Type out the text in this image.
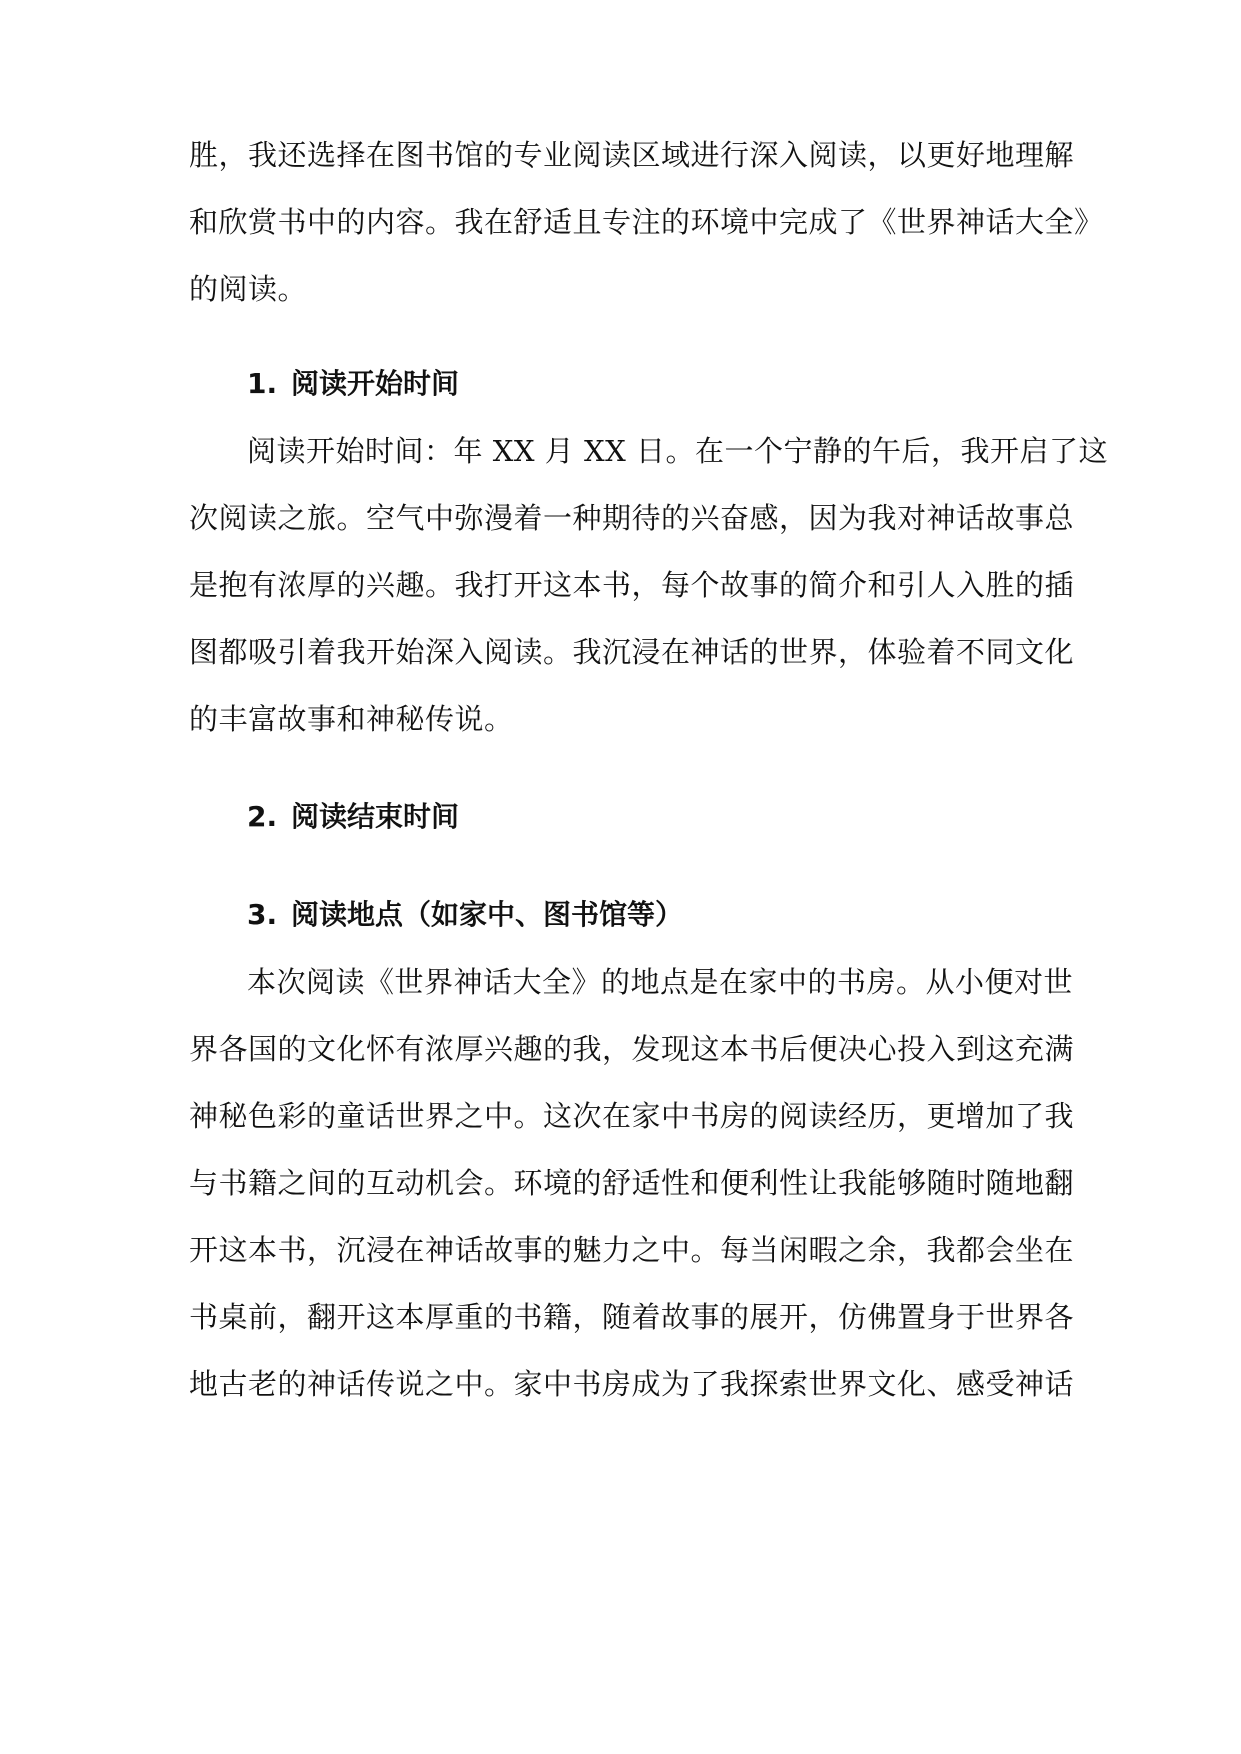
胜，我还选择在图书馆的专业阅读区域进行深入阅读，以更好地理解
和欣赏书中的内容。我在舒适且专注的环境中完成了《世界神话大全》
的阅读。
1. 阅读开始时间
阅读开始时间：年 XX 月 XX 日。在一个宁静的午后，我开启了这
次阅读之旅。空气中弥漫着一种期待的兴奋感，因为我对神话故事总
是抱有浓厚的兴趣。我打开这本书，每个故事的简介和引人入胜的插
图都吸引着我开始深入阅读。我沉浸在神话的世界，体验着不同文化
的丰富故事和神秘传说。
2. 阅读结束时间
3. 阅读地点（如家中、图书馆等）
本次阅读《世界神话大全》的地点是在家中的书房。从小便对世
界各国的文化怀有浓厚兴趣的我，发现这本书后便决心投入到这充满
神秘色彩的童话世界之中。这次在家中书房的阅读经历，更增加了我
与书籍之间的互动机会。环境的舒适性和便利性让我能够随时随地翻
开这本书，沉浸在神话故事的魅力之中。每当闲暇之余，我都会坐在
书桌前，翻开这本厚重的书籍，随着故事的展开，仿佛置身于世界各
地古老的神话传说之中。家中书房成为了我探索世界文化、感受神话
